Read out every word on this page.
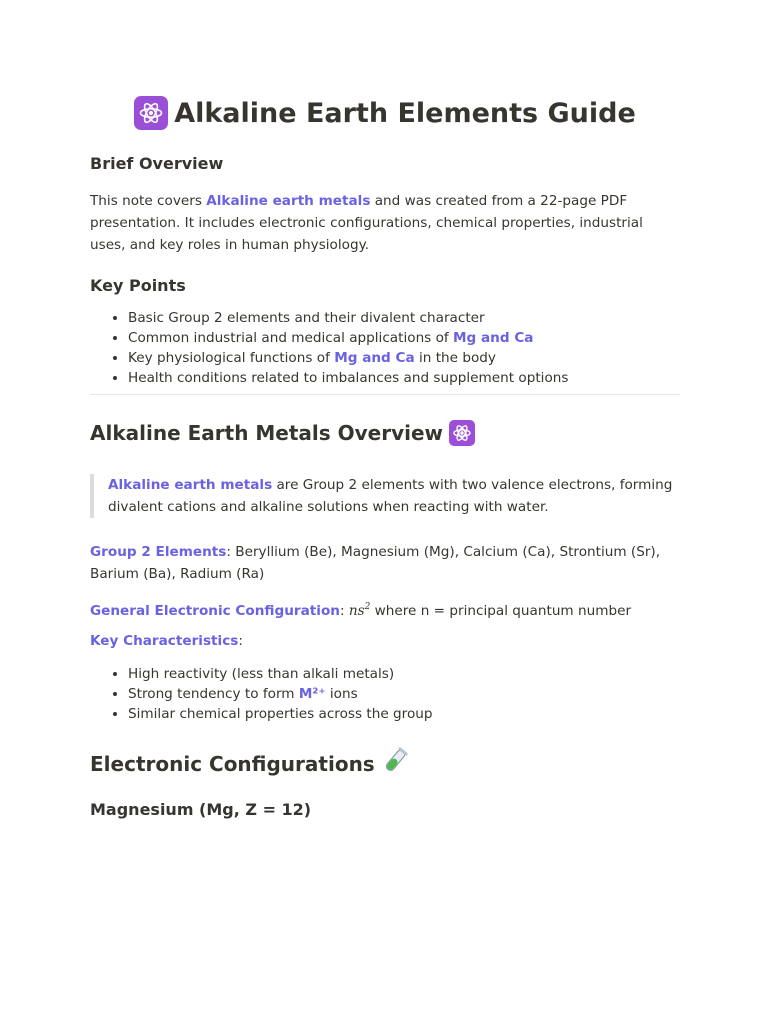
Alkaline Earth Elements Guide
Brief Overview
This note covers Alkaline earth metals and was created from a 22-page PDF presentation. It includes electronic configurations, chemical properties, industrial uses, and key roles in human physiology.
Key Points
• Basic Group 2 elements and their divalent character
• Common industrial and medical applications of Mg and Ca
• Key physiological functions of Mg and Ca in the body
• Health conditions related to imbalances and supplement options
Alkaline Earth Metals Overview
Alkaline earth metals are Group 2 elements with two valence electrons, forming divalent cations and alkaline solutions when reacting with water.
Group 2 Elements: Beryllium (Be), Magnesium (Mg), Calcium (Ca), Strontium (Sr), Barium (Ba), Radium (Ra)
General Electronic Configuration: $ns^2$ where n = principal quantum number
Key Characteristics:
• High reactivity (less than alkali metals)
• Strong tendency to form M²⁺ ions
• Similar chemical properties across the group
Electronic Configurations
Magnesium (Mg, Z = 12)
